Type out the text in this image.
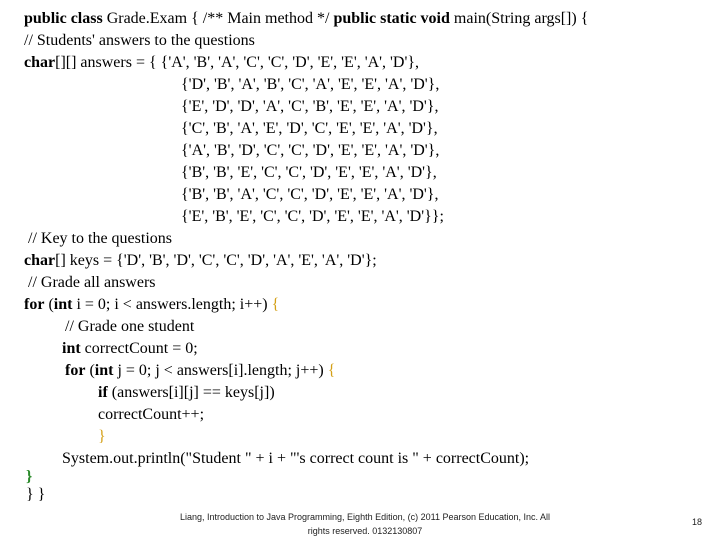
public class Grade.Exam { /** Main method */ public static void main(String args[]) {
// Students' answers to the questions
char[][] answers = { {'A', 'B', 'A', 'C', 'C', 'D', 'E', 'E', 'A', 'D'},
{'D', 'B', 'A', 'B', 'C', 'A', 'E', 'E', 'A', 'D'},
{'E', 'D', 'D', 'A', 'C', 'B', 'E', 'E', 'A', 'D'},
{'C', 'B', 'A', 'E', 'D', 'C', 'E', 'E', 'A', 'D'},
{'A', 'B', 'D', 'C', 'C', 'D', 'E', 'E', 'A', 'D'},
{'B', 'B', 'E', 'C', 'C', 'D', 'E', 'E', 'A', 'D'},
{'B', 'B', 'A', 'C', 'C', 'D', 'E', 'E', 'A', 'D'},
{'E', 'B', 'E', 'C', 'C', 'D', 'E', 'E', 'A', 'D'}};
// Key to the questions
char[] keys = {'D', 'B', 'D', 'C', 'C', 'D', 'A', 'E', 'A', 'D'};
// Grade all answers
for (int i = 0; i < answers.length; i++) {
// Grade one student
int correctCount = 0;
for (int j = 0; j < answers[i].length; j++) {
if (answers[i][j] == keys[j])
correctCount++;
}
System.out.println("Student " + i + "'s correct count is " + correctCount);
}
} }
Liang, Introduction to Java Programming, Eighth Edition, (c) 2011 Pearson Education, Inc. All
rights reserved. 0132130807
18
